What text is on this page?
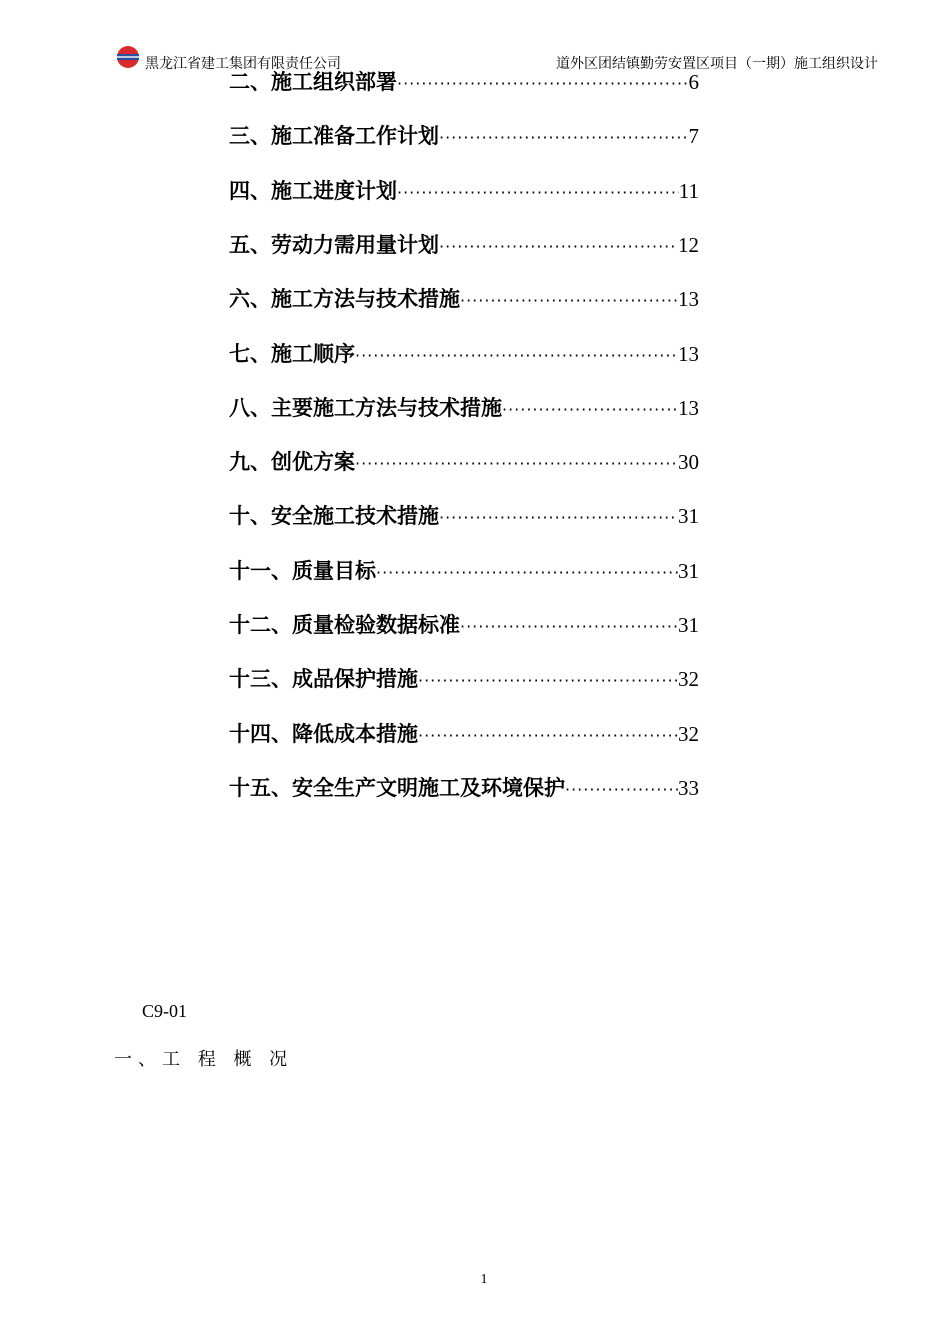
黑龙江省建工集团有限责任公司	道外区团结镇勤劳安置区项目（一期）施工组织设计
二、施工组织部署 ·····	6
三、施工准备工作计划 ·····	7
四、施工进度计划 ·····	11
五、劳动力需用量计划 ·····	12
六、施工方法与技术措施 ·····	13
七、施工顺序 ·····	13
八、主要施工方法与技术措施 ·····	13
九、创优方案 ·····	30
十、安全施工技术措施 ·····	31
十一、质量目标 ·····	31
十二、质量检验数据标准 ·····	31
十三、成品保护措施 ·····	32
十四、降低成本措施 ·····	32
十五、安全生产文明施工及环境保护 ·····	33
C9-01
一、工 程 概 况
1
